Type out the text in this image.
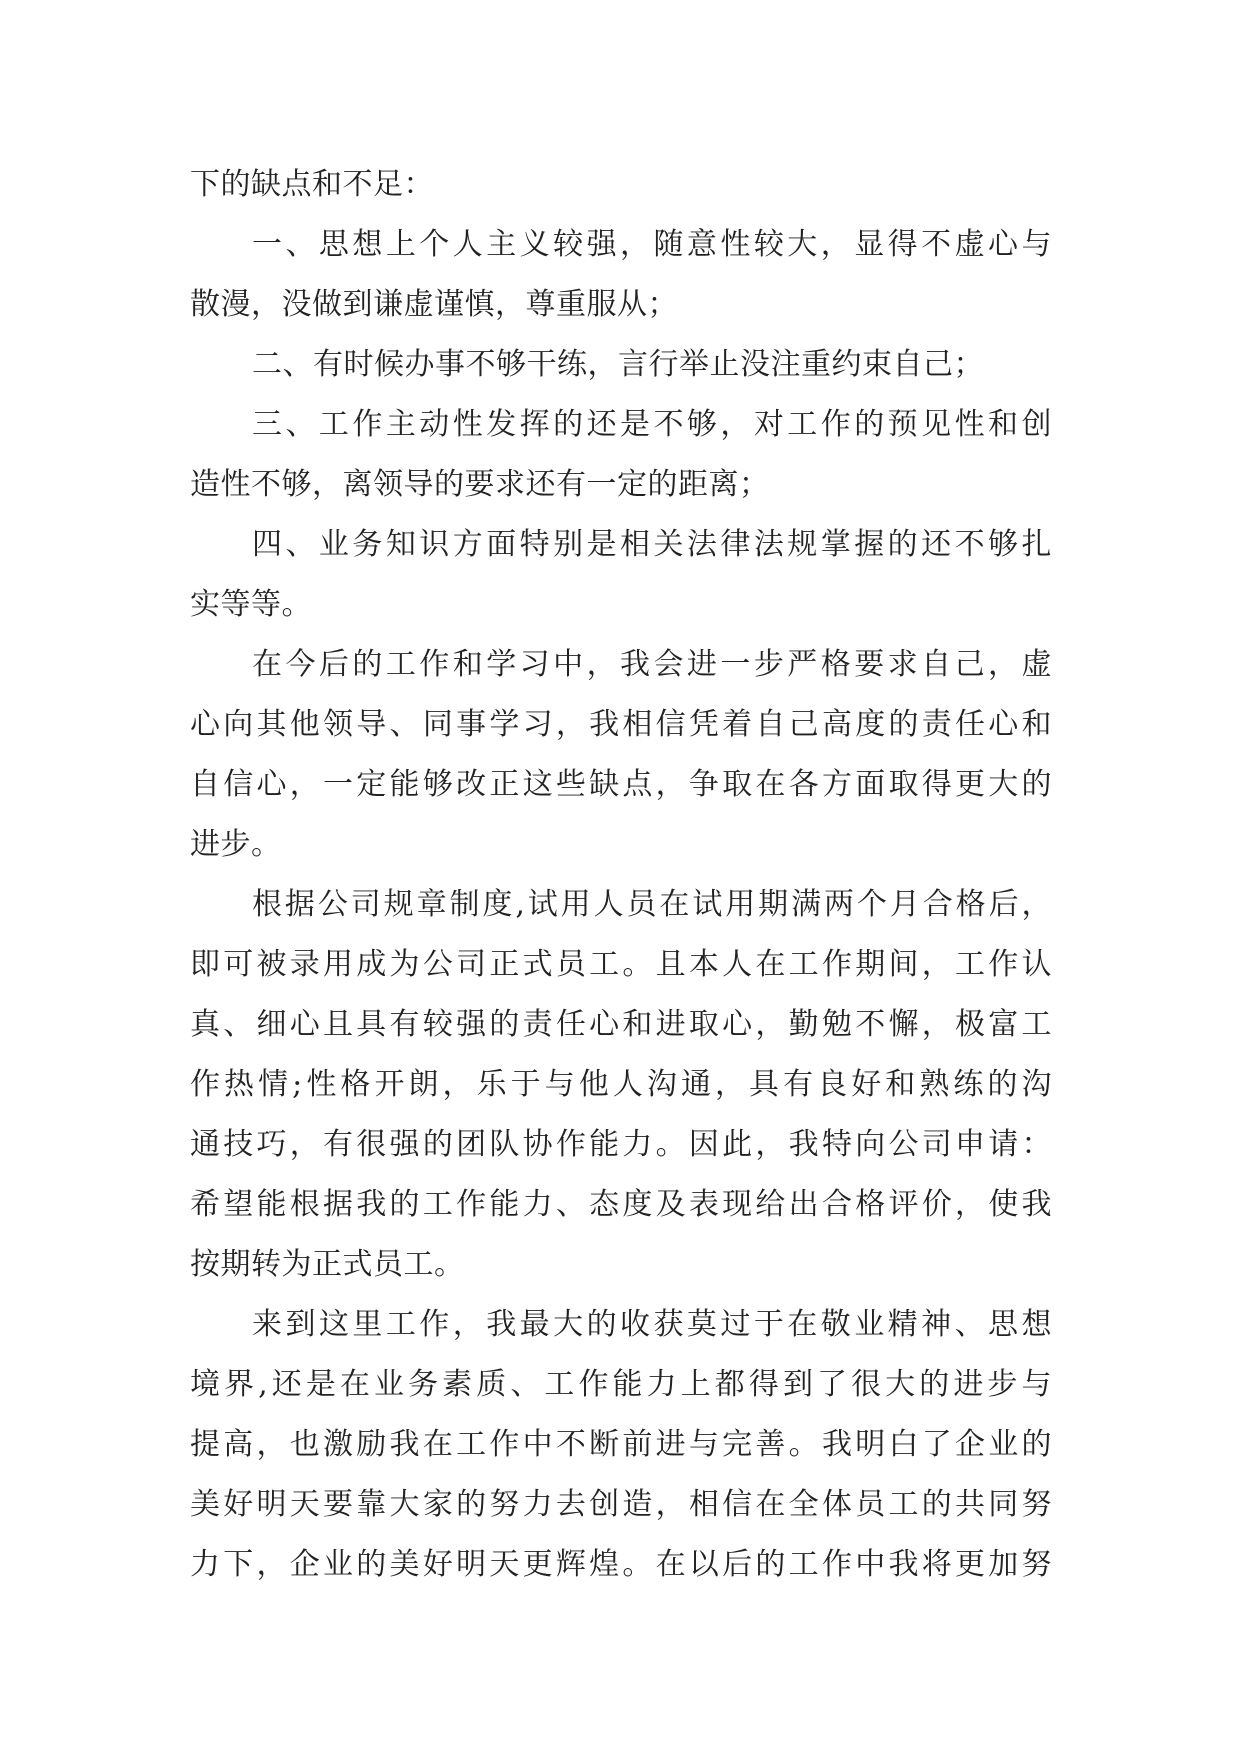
下的缺点和不足：
一、思想上个人主义较强，随意性较大，显得不虚心与
散漫，没做到谦虚谨慎，尊重服从；
二、有时候办事不够干练，言行举止没注重约束自己；
三、工作主动性发挥的还是不够，对工作的预见性和创
造性不够，离领导的要求还有一定的距离；
四、业务知识方面特别是相关法律法规掌握的还不够扎
实等等。
在今后的工作和学习中，我会进一步严格要求自己，虚
心向其他领导、同事学习，我相信凭着自己高度的责任心和
自信心，一定能够改正这些缺点，争取在各方面取得更大的
进步。
根据公司规章制度,试用人员在试用期满两个月合格后，
即可被录用成为公司正式员工。且本人在工作期间，工作认
真、细心且具有较强的责任心和进取心，勤勉不懈，极富工
作热情;性格开朗，乐于与他人沟通，具有良好和熟练的沟
通技巧，有很强的团队协作能力。因此，我特向公司申请：
希望能根据我的工作能力、态度及表现给出合格评价，使我
按期转为正式员工。
来到这里工作，我最大的收获莫过于在敬业精神、思想
境界,还是在业务素质、工作能力上都得到了很大的进步与
提高，也激励我在工作中不断前进与完善。我明白了企业的
美好明天要靠大家的努力去创造，相信在全体员工的共同努
力下，企业的美好明天更辉煌。在以后的工作中我将更加努
